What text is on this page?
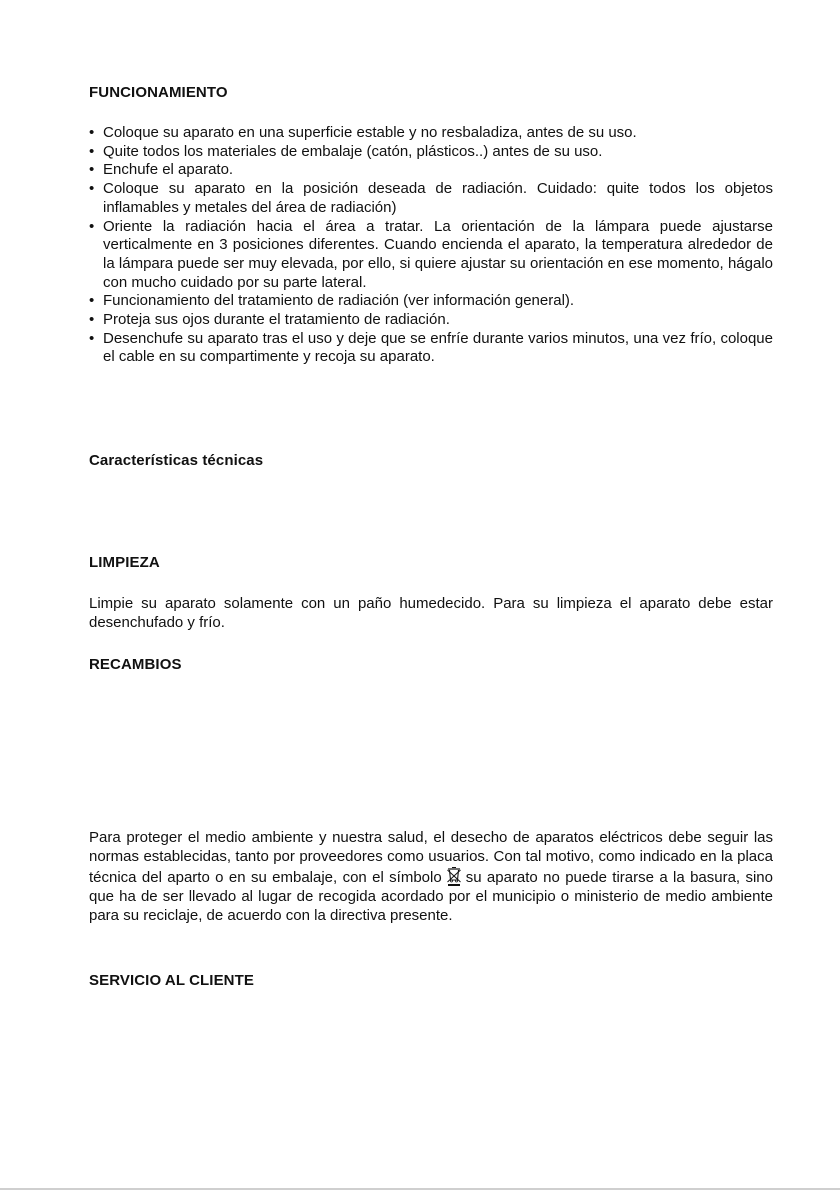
FUNCIONAMIENTO
• Coloque su aparato en una superficie estable y no resbaladiza, antes de su uso.
• Quite todos los materiales de embalaje (catón, plásticos..) antes de su uso.
• Enchufe el aparato.
• Coloque su aparato en la posición deseada de radiación. Cuidado: quite todos los objetos inflamables y metales del área de radiación)
• Oriente la radiación hacia el área a tratar. La orientación de la lámpara puede ajustarse verticalmente en 3 posiciones diferentes. Cuando encienda el aparato, la temperatura alrededor de la lámpara puede ser muy elevada, por ello, si quiere ajustar su orientación en ese momento, hágalo con mucho cuidado por su parte lateral.
• Funcionamiento del tratamiento de radiación (ver información general).
• Proteja sus ojos durante el tratamiento de radiación.
• Desenchufe su aparato tras el uso y deje que se enfríe durante varios minutos, una vez frío, coloque el cable en su compartimente y recoja su aparato.
Características técnicas
LIMPIEZA

Limpie su aparato solamente con un paño humedecido. Para su limpieza el aparato debe estar desenchufado y frío.

RECAMBIOS

Para proteger el medio ambiente y nuestra salud, el desecho de aparatos eléctricos debe seguir las normas establecidas, tanto por proveedores como usuarios. Con tal motivo, como indicado en la placa técnica del aparto o en su embalaje, con el símbolo su aparato no puede tirarse a la basura, sino que ha de ser llevado al lugar de recogida acordado por el municipio o ministerio de medio ambiente para su reciclaje, de acuerdo con la directiva presente.

SERVICIO AL CLIENTE
